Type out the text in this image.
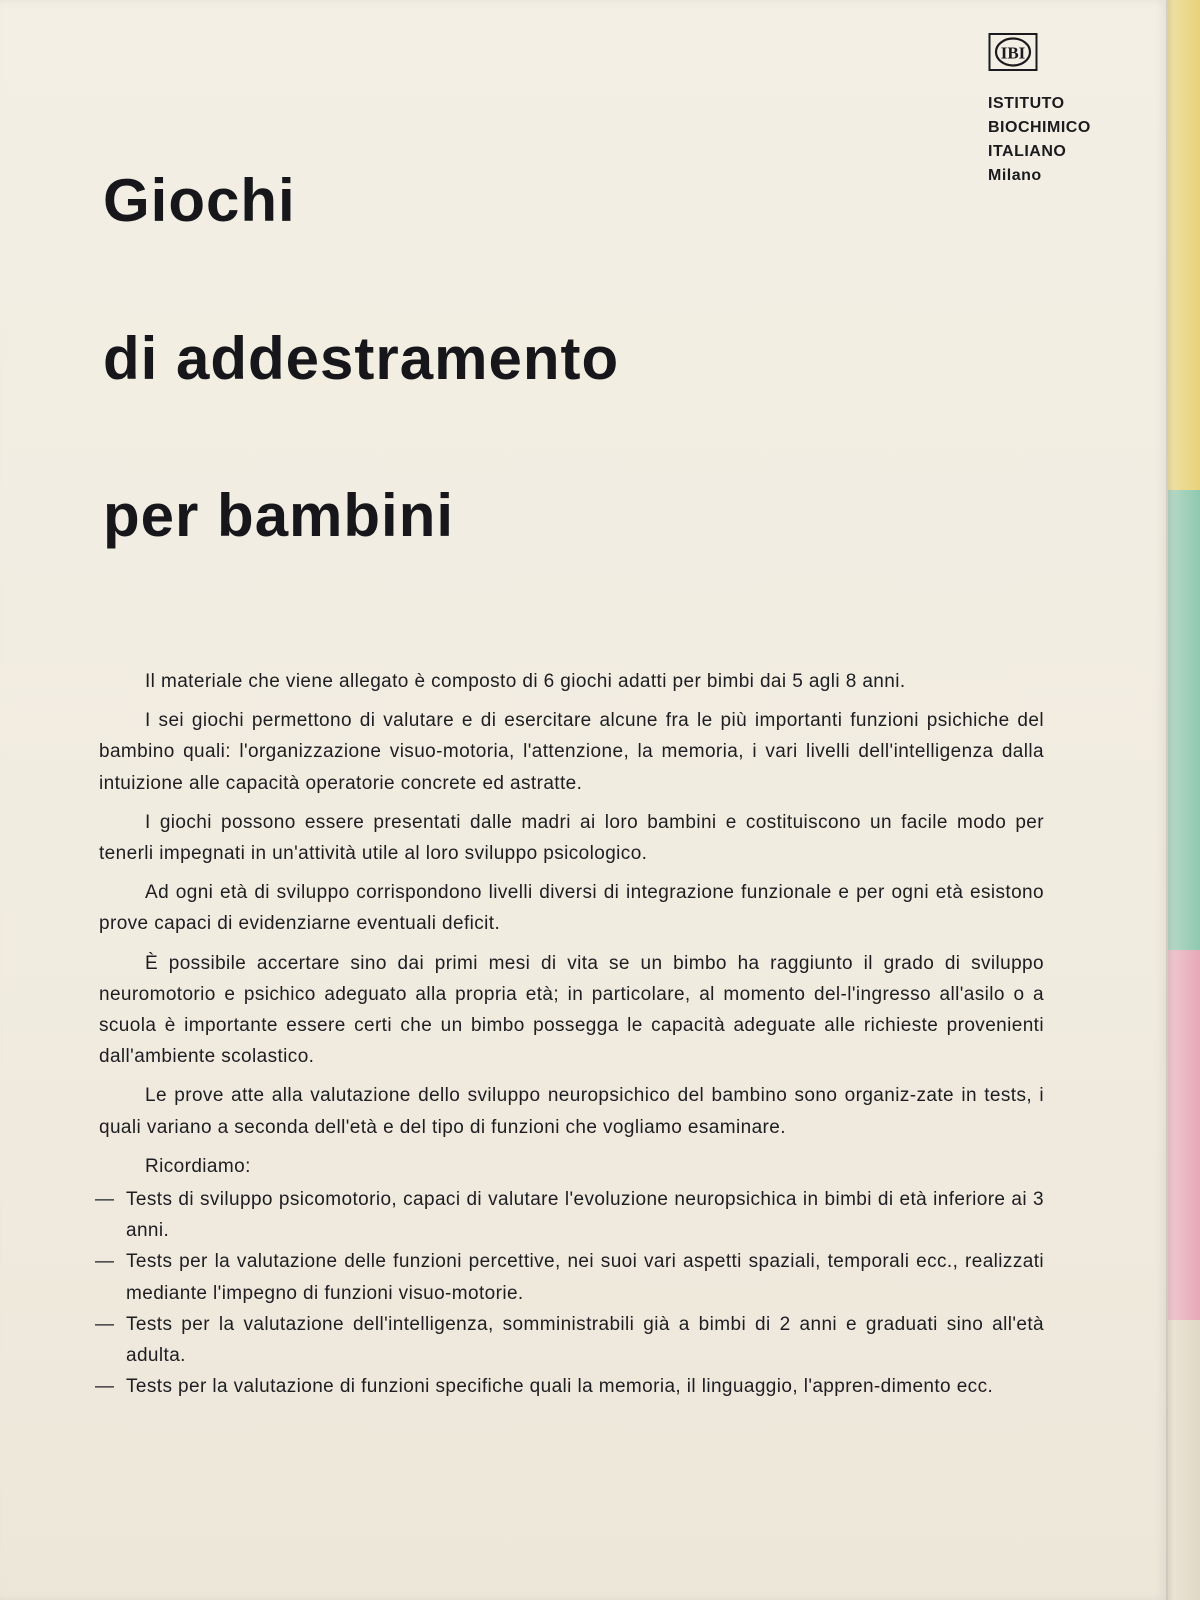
IBI
ISTITUTO
BIOCHIMICO
ITALIANO
Milano
Giochi
di addestramento
per bambini

Il materiale che viene allegato è composto di 6 giochi adatti per bimbi dai 5 agli 8 anni.

I sei giochi permettono di valutare e di esercitare alcune fra le più importanti funzioni psichiche del bambino quali: l'organizzazione visuo-motoria, l'attenzione, la memoria, i vari livelli dell'intelligenza dalla intuizione alle capacità operatorie concrete ed astratte.

I giochi possono essere presentati dalle madri ai loro bambini e costituiscono un facile modo per tenerli impegnati in un'attività utile al loro sviluppo psicologico.

Ad ogni età di sviluppo corrispondono livelli diversi di integrazione funzionale e per ogni età esistono prove capaci di evidenziarne eventuali deficit.

È possibile accertare sino dai primi mesi di vita se un bimbo ha raggiunto il grado di sviluppo neuromotorio e psichico adeguato alla propria età; in particolare, al momento del-l'ingresso all'asilo o a scuola è importante essere certi che un bimbo possegga le capacità adeguate alle richieste provenienti dall'ambiente scolastico.

Le prove atte alla valutazione dello sviluppo neuropsichico del bambino sono organiz-zate in tests, i quali variano a seconda dell'età e del tipo di funzioni che vogliamo esaminare.

Ricordiamo:

— Tests di sviluppo psicomotorio, capaci di valutare l'evoluzione neuropsichica in bimbi di età inferiore ai 3 anni.
— Tests per la valutazione delle funzioni percettive, nei suoi vari aspetti spaziali, temporali ecc., realizzati mediante l'impegno di funzioni visuo-motorie.
— Tests per la valutazione dell'intelligenza, somministrabili già a bimbi di 2 anni e graduati sino all'età adulta.
— Tests per la valutazione di funzioni specifiche quali la memoria, il linguaggio, l'appren-dimento ecc.
